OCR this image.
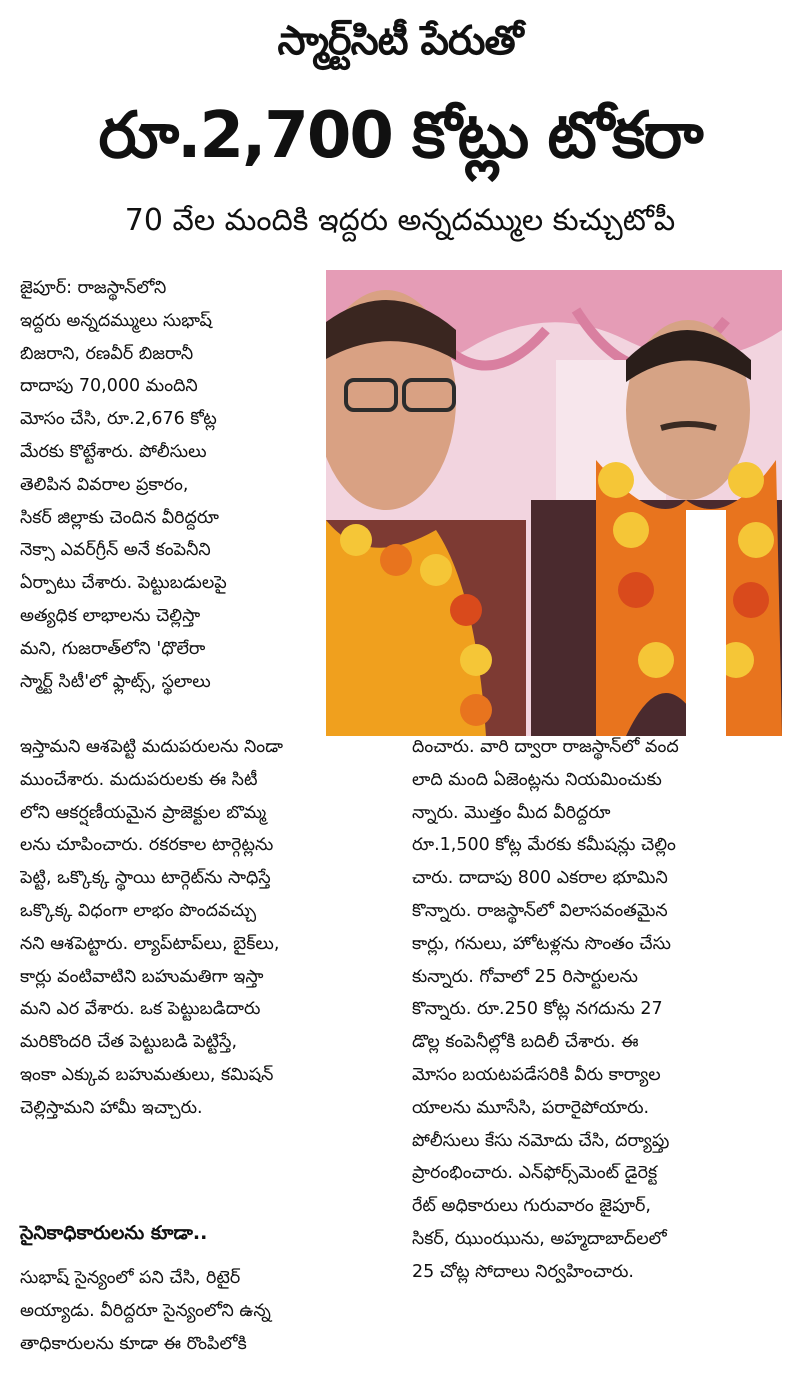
స్మార్ట్‌సిటీ పేరుతో
రూ.2,700 కోట్లు టోకరా
70 వేల మందికి ఇద్దరు అన్నదమ్ముల కుచ్చుటోపీ
జైపూర్: రాజస్థాన్‌లోని
ఇద్దరు అన్నదమ్ములు సుభాష్
బిజరాని, రణవీర్ బిజరానీ
దాదాపు 70,000 మందిని
మోసం చేసి, రూ.2,676 కోట్ల
మేరకు కొట్టేశారు. పోలీసులు
తెలిపిన వివరాల ప్రకారం,
సికర్ జిల్లాకు చెందిన వీరిద్దరూ
నెక్సా ఎవర్‌గ్రీన్ అనే కంపెనీని
ఏర్పాటు చేశారు. పెట్టుబడులపై
అత్యధిక లాభాలను చెల్లిస్తా
మని, గుజరాత్‌లోని 'ధొలేరా
స్మార్ట్ సిటీ'లో ఫ్లాట్స్, స్థలాలు
ఇస్తామని ఆశపెట్టి మదుపరులను నిండా
ముంచేశారు. మదుపరులకు ఈ సిటీ
లోని ఆకర్షణీయమైన ప్రాజెక్టుల బొమ్మ
లను చూపించారు. రకరకాల టార్గెట్లను
పెట్టి, ఒక్కొక్క స్థాయి టార్గెట్‌ను సాధిస్తే
ఒక్కొక్క విధంగా లాభం పొందవచ్చు
నని ఆశపెట్టారు. ల్యాప్‌టాప్‌లు, బైక్‌లు,
కార్లు వంటివాటిని బహుమతిగా ఇస్తా
మని ఎర వేశారు. ఒక పెట్టుబడిదారు
మరికొందరి చేత పెట్టుబడి పెట్టిస్తే,
ఇంకా ఎక్కువ బహుమతులు, కమిషన్
చెల్లిస్తామని హామీ ఇచ్చారు.
సైనికాధికారులను కూడా..
సుభాష్ సైన్యంలో పని చేసి, రిటైర్
అయ్యాడు. వీరిద్దరూ సైన్యంలోని ఉన్న
తాధికారులను కూడా ఈ రొంపిలోకి
దించారు. వారి ద్వారా రాజస్థాన్‌లో వంద
లాది మంది ఏజెంట్లను నియమించుకు
న్నారు. మొత్తం మీద వీరిద్దరూ
రూ.1,500 కోట్ల మేరకు కమీషన్లు చెల్లిం
చారు. దాదాపు 800 ఎకరాల భూమిని
కొన్నారు. రాజస్థాన్‌లో విలాసవంతమైన
కార్లు, గనులు, హోటళ్లను సొంతం చేసు
కున్నారు. గోవాలో 25 రిసార్టులను
కొన్నారు. రూ.250 కోట్ల నగదును 27
డొల్ల కంపెనీల్లోకి బదిలీ చేశారు. ఈ
మోసం బయటపడేసరికి వీరు కార్యాల
యాలను మూసేసి, పరారైపోయారు.
పోలీసులు కేసు నమోదు చేసి, దర్యాప్తు
ప్రారంభించారు. ఎన్‌ఫోర్స్‌మెంట్ డైరెక్ట
రేట్ అధికారులు గురువారం జైపూర్,
సికర్, ఝుంఝును, అహ్మదాబాద్‌లలో
25 చోట్ల సోదాలు నిర్వహించారు.
